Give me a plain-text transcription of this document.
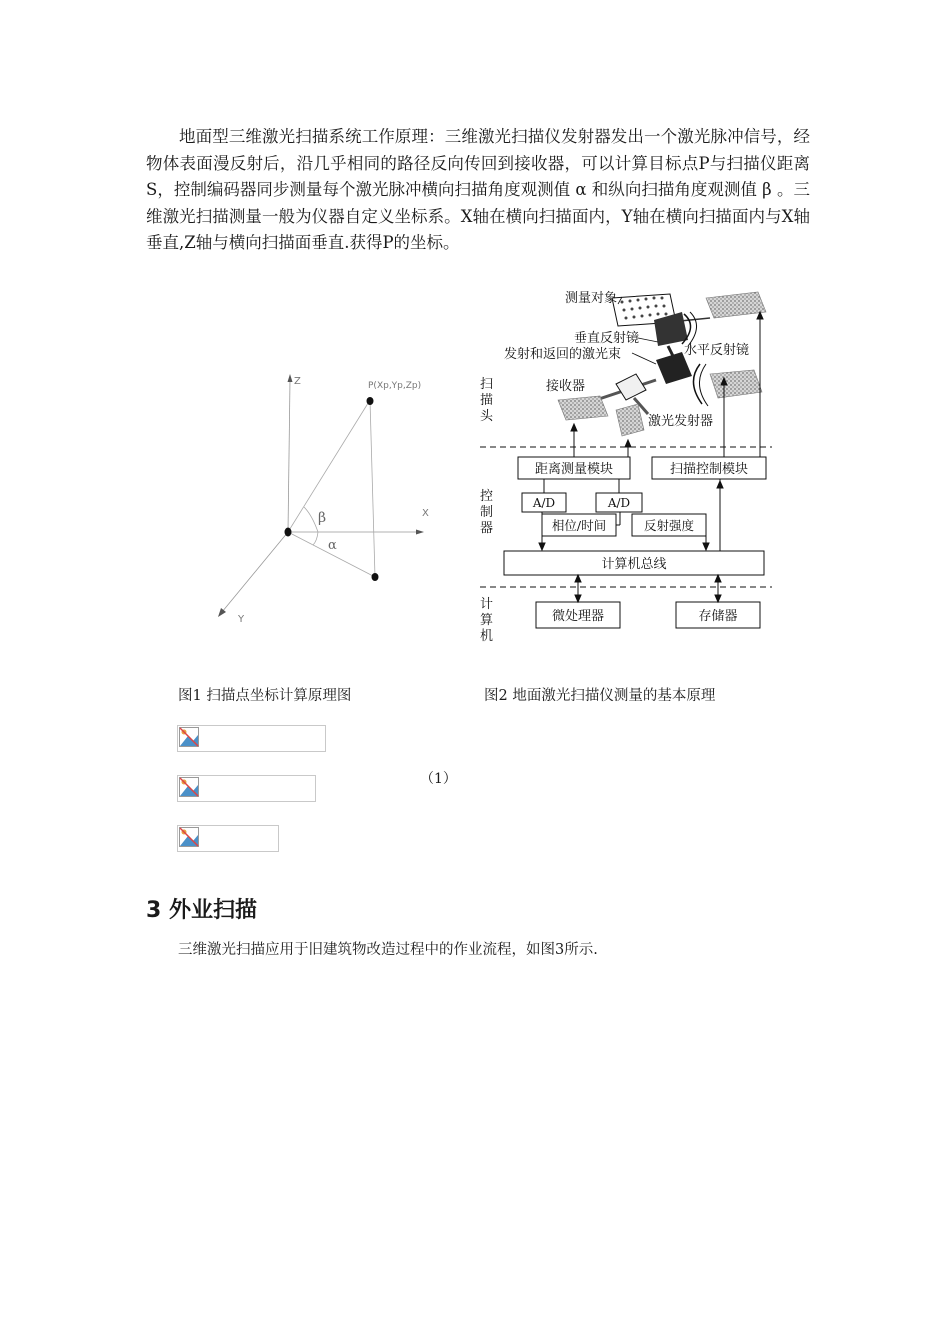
地面型三维激光扫描系统工作原理：三维激光扫描仪发射器发出一个激光脉冲信号，经物体表面漫反射后，沿几乎相同的路径反向传回到接收器，可以计算目标点P与扫描仪距离S，控制编码器同步测量每个激光脉冲横向扫描角度观测值 α 和纵向扫描角度观测值 β 。三维激光扫描测量一般为仪器自定义坐标系。X轴在横向扫描面内，Y轴在横向扫描面内与X轴垂直,Z轴与横向扫描面垂直.获得P的坐标。

Z
X
Y
P(Xp,Yp,Zp)
β
α
测量对象
垂直反射镜
发射和返回的激光束	水平反射镜
接收器
激光发射器
扫
描
头
控
制
器
计
算
机
距离测量模块	扫描控制模块
A/D	A/D
相位/时间	反射强度
计算机总线
微处理器	存储器
图1 扫描点坐标计算原理图	图2 地面激光扫描仪测量的基本原理
（1）
3 外业扫描

三维激光扫描应用于旧建筑物改造过程中的作业流程，如图3所示.
